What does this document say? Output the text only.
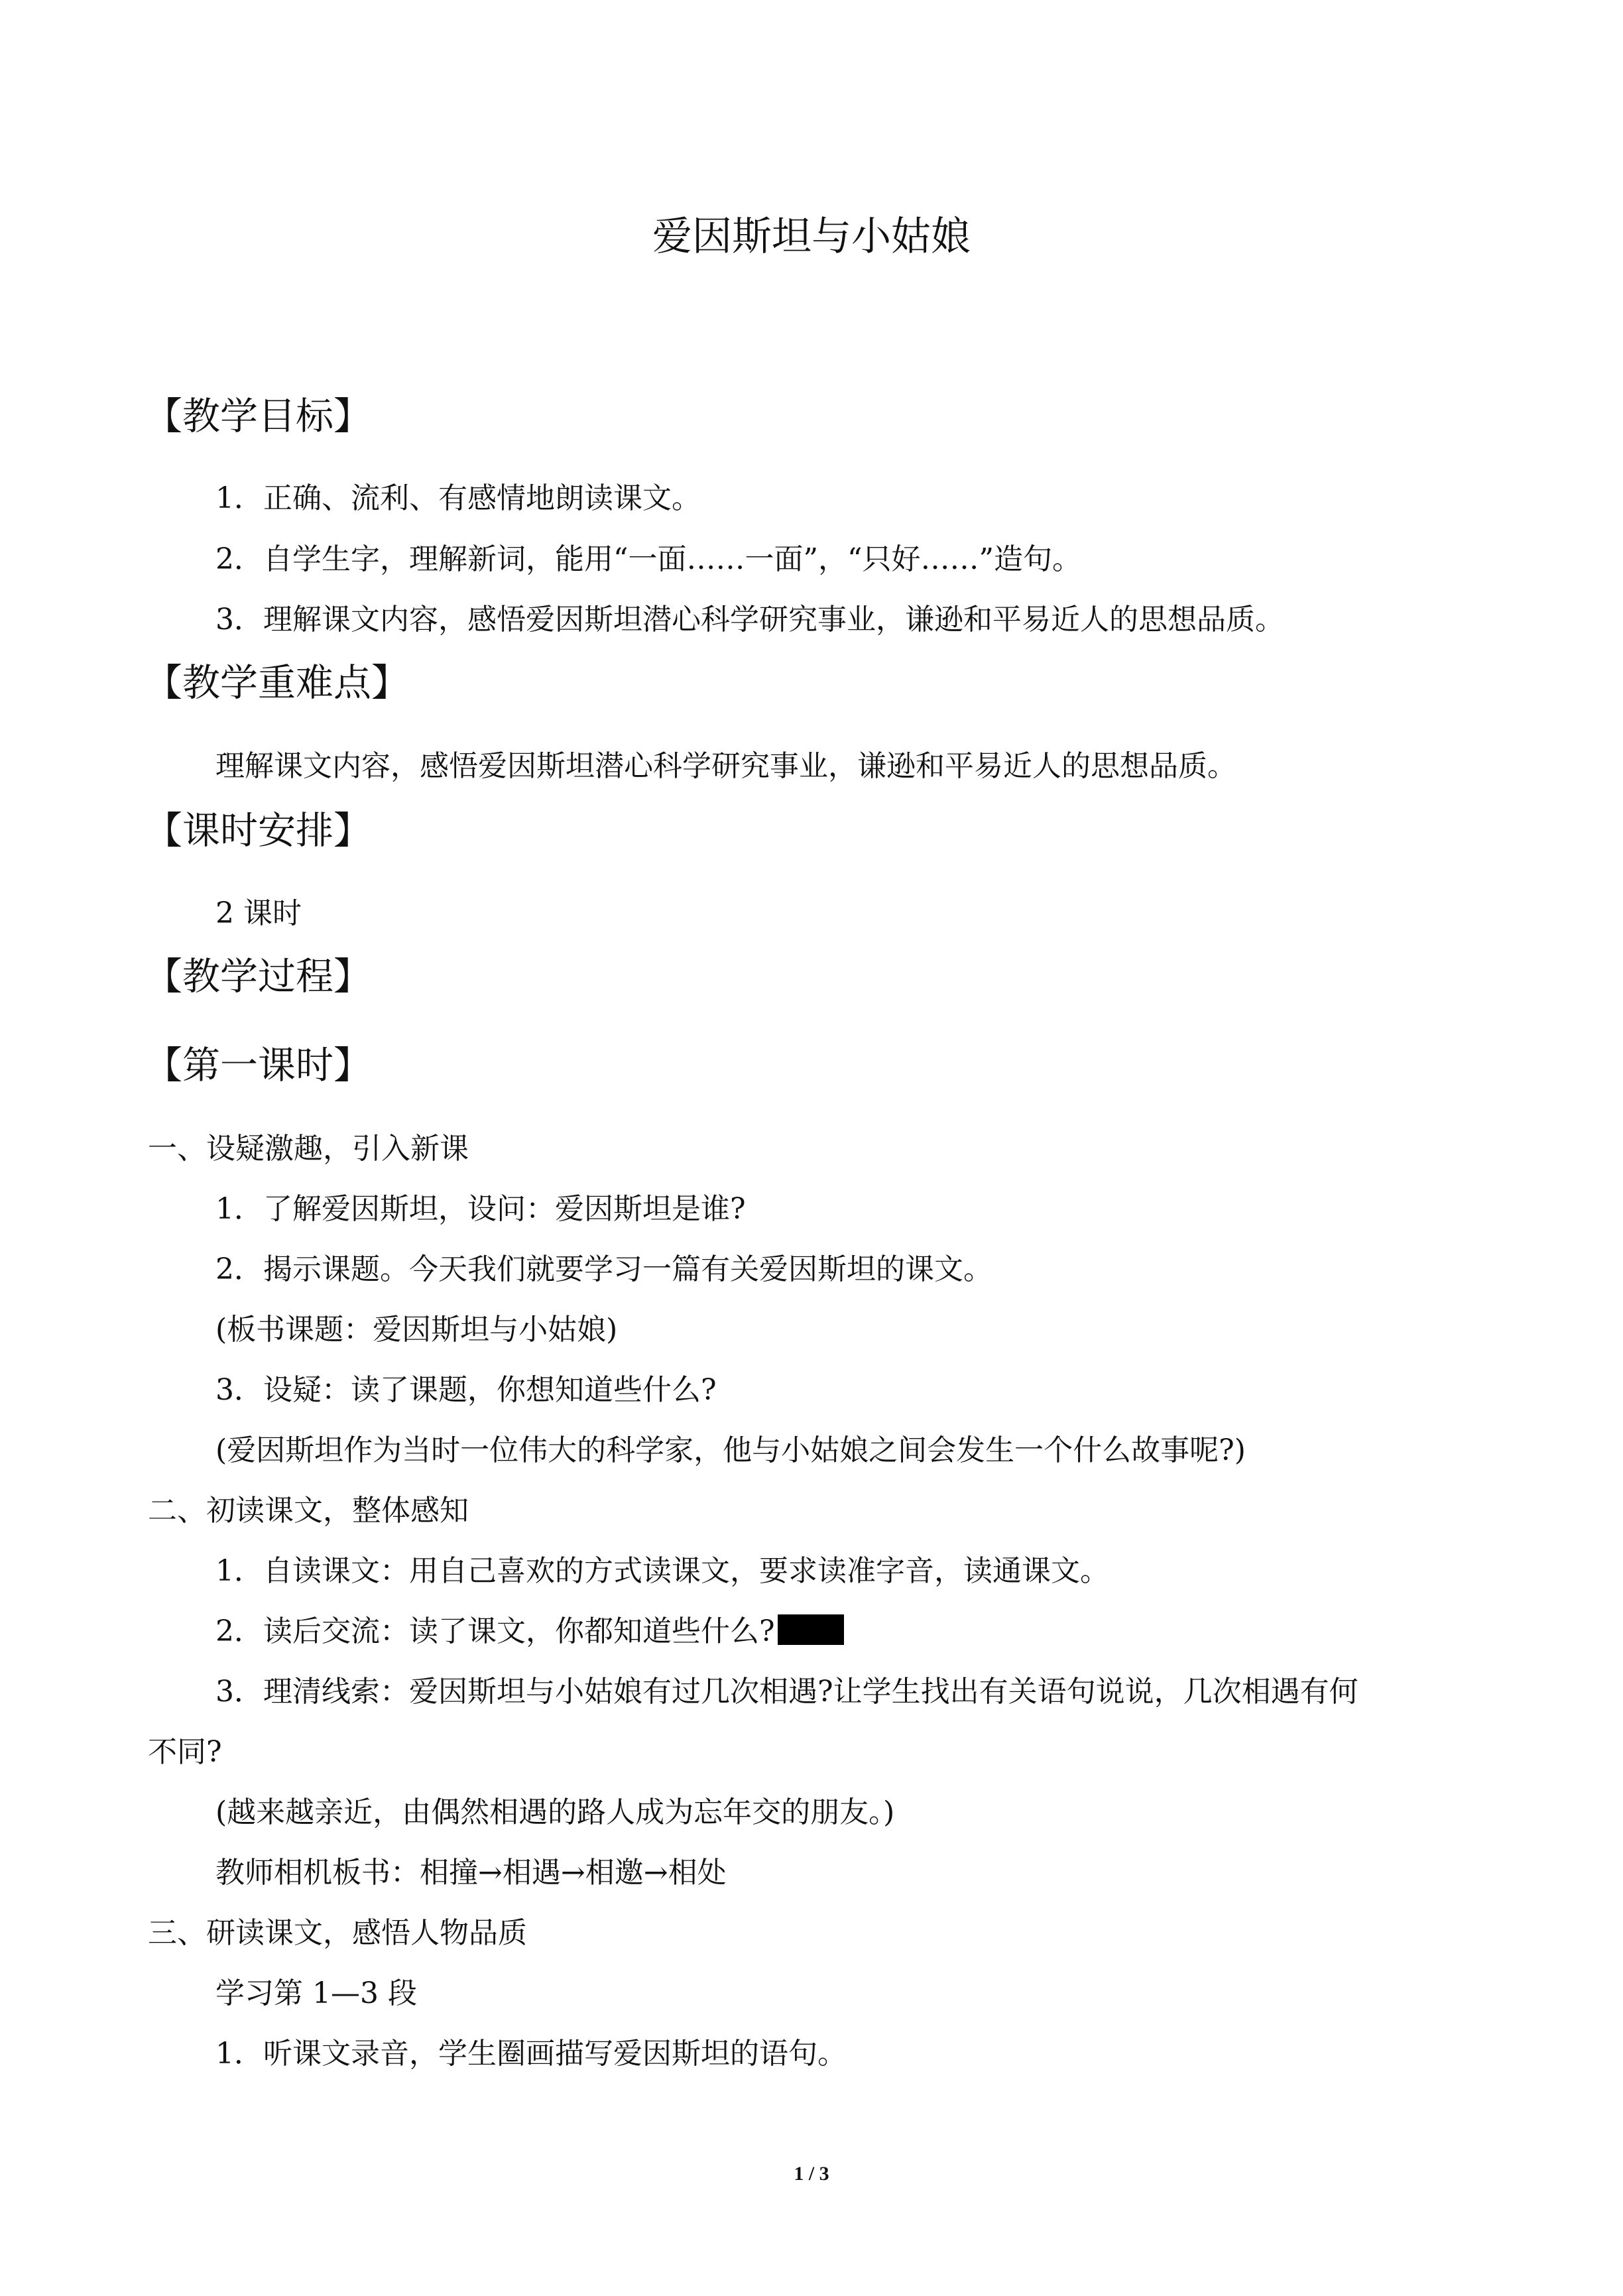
爱因斯坦与小姑娘
【教学目标】
1．正确、流利、有感情地朗读课文。
2．自学生字，理解新词，能用“一面……一面”，“只好……”造句。
3．理解课文内容，感悟爱因斯坦潜心科学研究事业，谦逊和平易近人的思想品质。
【教学重难点】
理解课文内容，感悟爱因斯坦潜心科学研究事业，谦逊和平易近人的思想品质。
【课时安排】
2 课时
【教学过程】
【第一课时】
一、设疑激趣，引入新课
1．了解爱因斯坦，设问：爱因斯坦是谁?
2．揭示课题。今天我们就要学习一篇有关爱因斯坦的课文。
(板书课题：爱因斯坦与小姑娘)
3．设疑：读了课题，你想知道些什么?
(爱因斯坦作为当时一位伟大的科学家，他与小姑娘之间会发生一个什么故事呢?)
二、初读课文，整体感知
1．自读课文：用自己喜欢的方式读课文，要求读准字音，读通课文。
2．读后交流：读了课文，你都知道些什么?
3．理清线索：爱因斯坦与小姑娘有过几次相遇?让学生找出有关语句说说，几次相遇有何
不同?
(越来越亲近，由偶然相遇的路人成为忘年交的朋友。)
教师相机板书：相撞→相遇→相邀→相处
三、研读课文，感悟人物品质
学习第 1—3 段
1．听课文录音，学生圈画描写爱因斯坦的语句。
1 / 3
